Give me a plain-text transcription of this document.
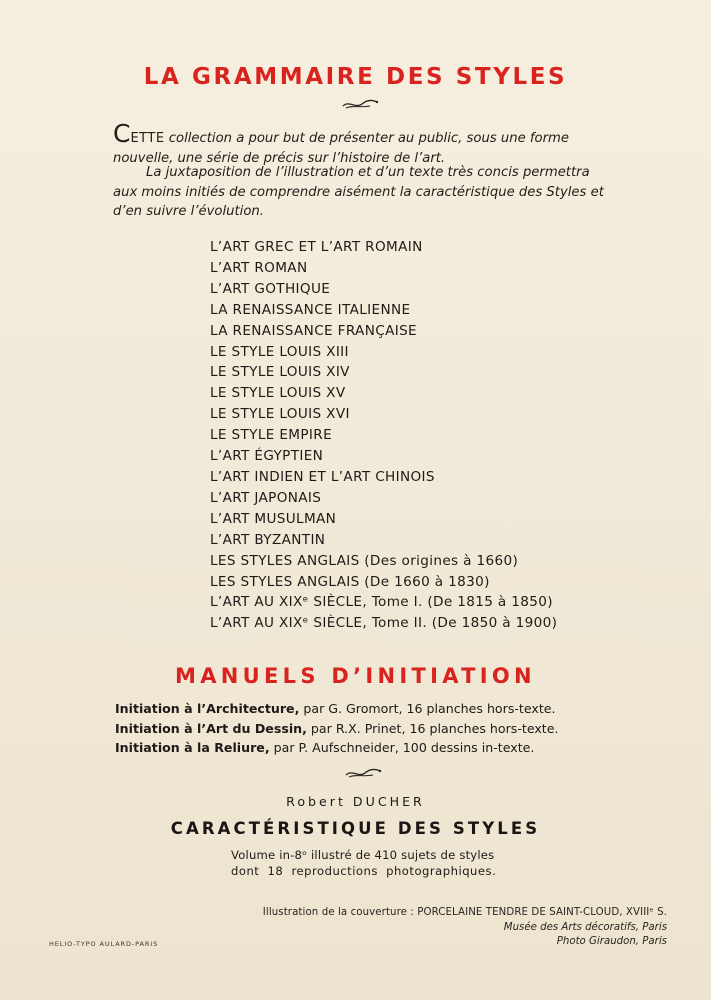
LA GRAMMAIRE DES STYLES
CETTE collection a pour but de présenter au public, sous une forme nouvelle, une série de précis sur l’histoire de l’art.
La juxtaposition de l’illustration et d’un texte très concis permettra aux moins initiés de comprendre aisément la caractéristique des Styles et d’en suivre l’évolution.
L’ART GREC ET L’ART ROMAIN
L’ART ROMAN
L’ART GOTHIQUE
LA RENAISSANCE ITALIENNE
LA RENAISSANCE FRANÇAISE
LE STYLE LOUIS XIII
LE STYLE LOUIS XIV
LE STYLE LOUIS XV
LE STYLE LOUIS XVI
LE STYLE EMPIRE
L’ART ÉGYPTIEN
L’ART INDIEN ET L’ART CHINOIS
L’ART JAPONAIS
L’ART MUSULMAN
L’ART BYZANTIN
LES STYLES ANGLAIS (Des origines à 1660)
LES STYLES ANGLAIS (De 1660 à 1830)
L’ART AU XIXᵉ SIÈCLE, Tome I. (De 1815 à 1850)
L’ART AU XIXᵉ SIÈCLE, Tome II. (De 1850 à 1900)
MANUELS D’INITIATION
Initiation à l’Architecture, par G. Gromort, 16 planches hors-texte.
Initiation à l’Art du Dessin, par R.X. Prinet, 16 planches hors-texte.
Initiation à la Reliure, par P. Aufschneider, 100 dessins in-texte.
Robert DUCHER
CARACTÉRISTIQUE DES STYLES
Volume in-8ᵒ illustré de 410 sujets de styles
dont 18 reproductions photographiques.
Illustration de la couverture : PORCELAINE TENDRE DE SAINT-CLOUD, XVIIIᵉ S.
Musée des Arts décoratifs, Paris
Photo Giraudon, Paris
HELIO-TYPO AULARD-PARIS
